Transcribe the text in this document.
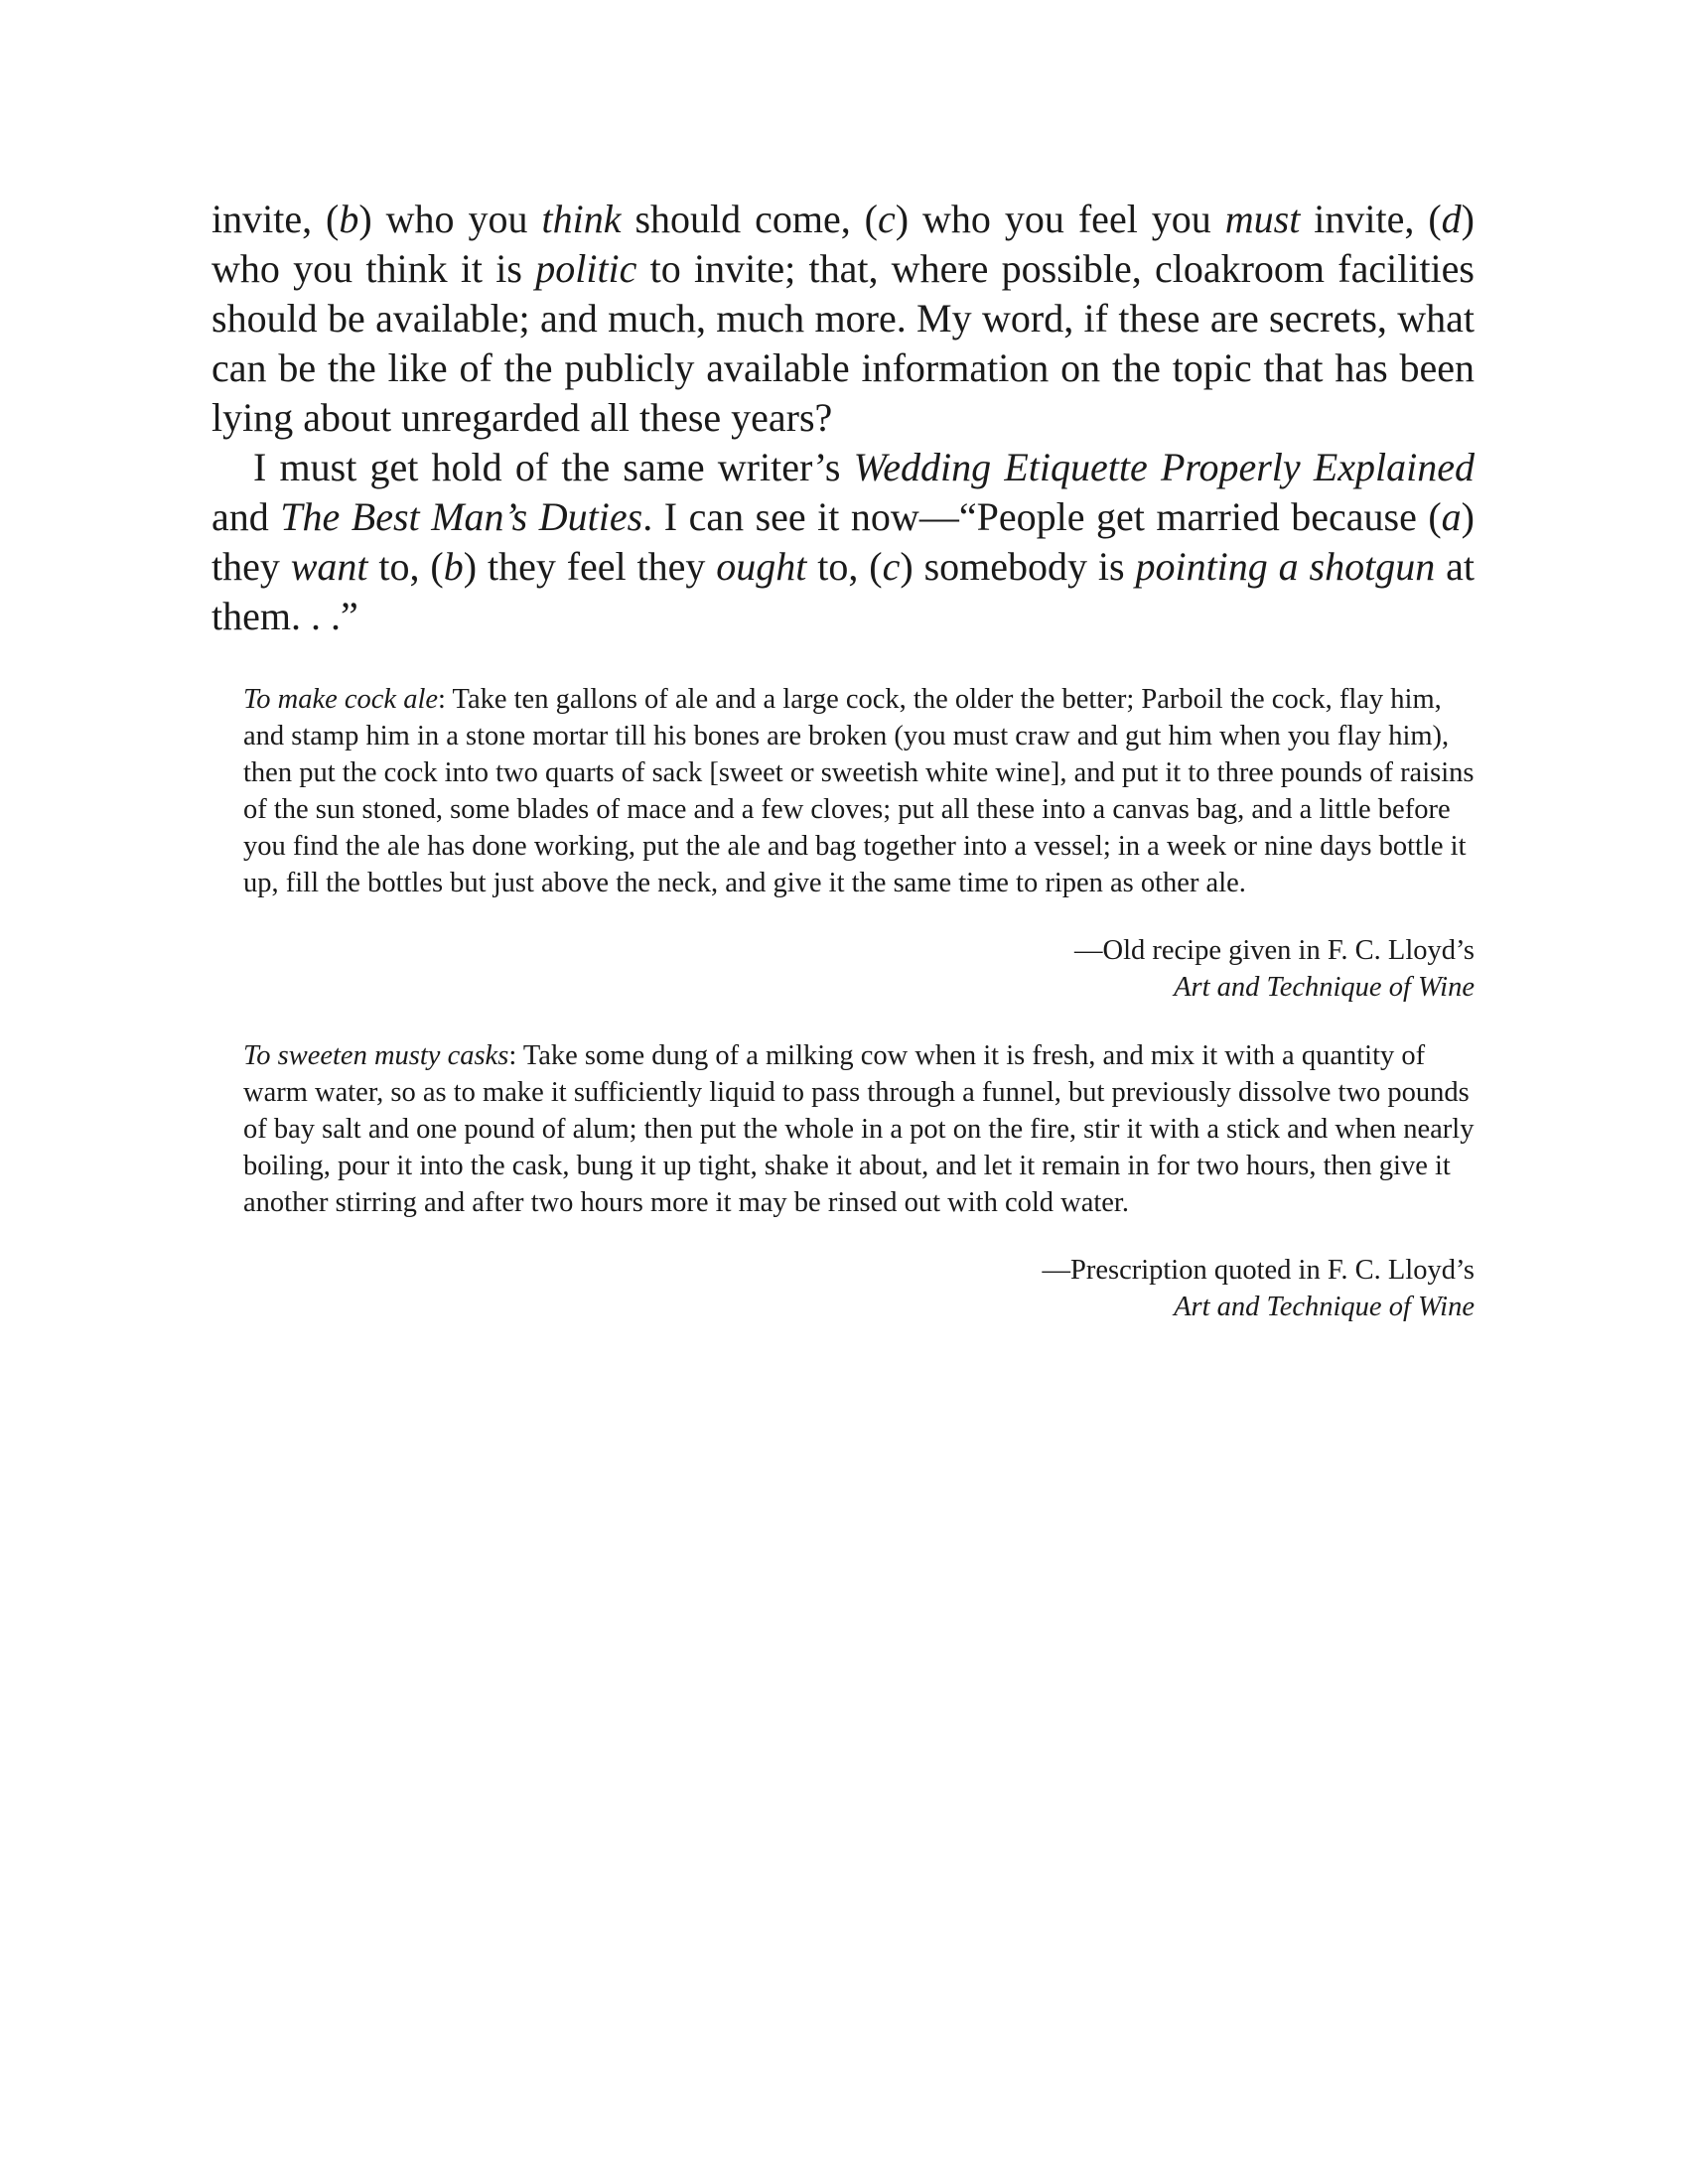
invite, (b) who you think should come, (c) who you feel you must invite, (d) who you think it is politic to invite; that, where possible, cloakroom facilities should be available; and much, much more. My word, if these are secrets, what can be the like of the publicly available information on the topic that has been lying about unregarded all these years?

I must get hold of the same writer’s Wedding Etiquette Properly Explained and The Best Man’s Duties. I can see it now—“People get married because (a) they want to, (b) they feel they ought to, (c) somebody is pointing a shotgun at them. . .”

To make cock ale: Take ten gallons of ale and a large cock, the older the better; Parboil the cock, flay him, and stamp him in a stone mortar till his bones are broken (you must craw and gut him when you flay him), then put the cock into two quarts of sack [sweet or sweetish white wine], and put it to three pounds of raisins of the sun stoned, some blades of mace and a few cloves; put all these into a canvas bag, and a little before you find the ale has done working, put the ale and bag together into a vessel; in a week or nine days bottle it up, fill the bottles but just above the neck, and give it the same time to ripen as other ale.

—Old recipe given in F. C. Lloyd’s
Art and Technique of Wine

To sweeten musty casks: Take some dung of a milking cow when it is fresh, and mix it with a quantity of warm water, so as to make it sufficiently liquid to pass through a funnel, but previously dissolve two pounds of bay salt and one pound of alum; then put the whole in a pot on the fire, stir it with a stick and when nearly boiling, pour it into the cask, bung it up tight, shake it about, and let it remain in for two hours, then give it another stirring and after two hours more it may be rinsed out with cold water.

—Prescription quoted in F. C. Lloyd’s
Art and Technique of Wine
